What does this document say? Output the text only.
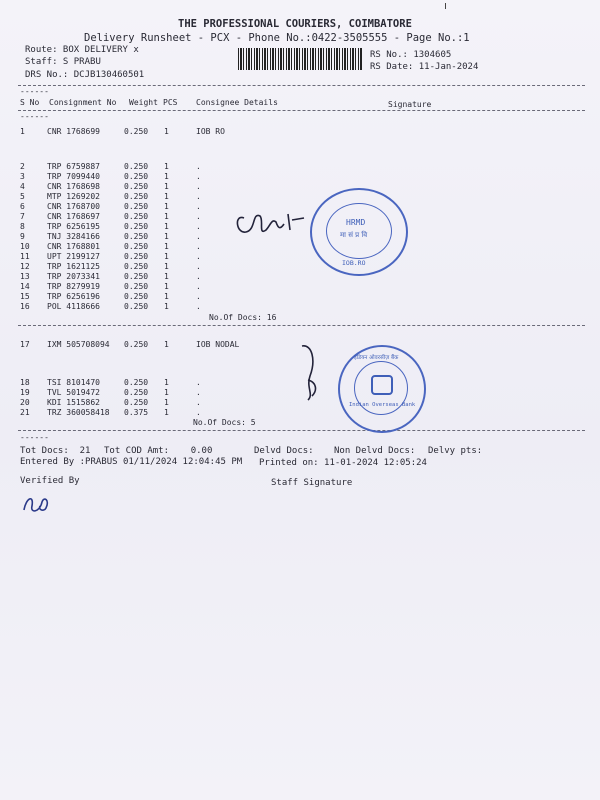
THE PROFESSIONAL COURIERS, COIMBATORE
Delivery Runsheet - PCX - Phone No.:0422-3505555 - Page No.:1
Route: BOX DELIVERY x
Staff: S PRABU
DRS No.: DCJB130460501
RS No.: 1304605
RS Date: 11-Jan-2024
------
S No Consignment No Weight PCS Consignee Details	Signature
------
1	CNR 1768699	0.250 1	IOB RO
2	TRP 6759887	0.250 1	.
3	TRP 7099440	0.250 1	.
4	CNR 1768698	0.250 1	.
5	MTP 1269202	0.250 1	.
6	CNR 1768700	0.250 1	.
7	CNR 1768697	0.250 1	.
8	TRP 6256195	0.250 1	.
9	TNJ 3284166	0.250 1	.
10 CNR 1768801	0.250 1	.
11 UPT 2199127	0.250 1	.
12 TRP 1621125	0.250 1	.
13 TRP 2073341	0.250 1	.
14 TRP 8279919	0.250 1	.
15 TRP 6256196	0.250 1	.
16 POL 4118666	0.250 1	.
17 IXM 505708094 0.250 1	IOB NODAL
18 TSI 8101470	0.250 1	.
19 TVL 5019472	0.250 1	.
20 KDI 1515862	0.250 1	.
21 TRZ 360058418 0.375 1	.
No.Of Docs: 16
No.Of Docs: 5
------
Tot Docs:  21 Tot COD Amt:    0.00	Delvd Docs: Non Delvd Docs: Delvy pts:
Entered By :PRABUS 01/11/2024 12:04:45 PM Printed on: 11-01-2024 12:05:24
Verified By	Staff Signature
HRMD
मा सं प्र वि
IOB.RO
इंडियन ओवरसीज़ बैंक
Indian Overseas Bank
